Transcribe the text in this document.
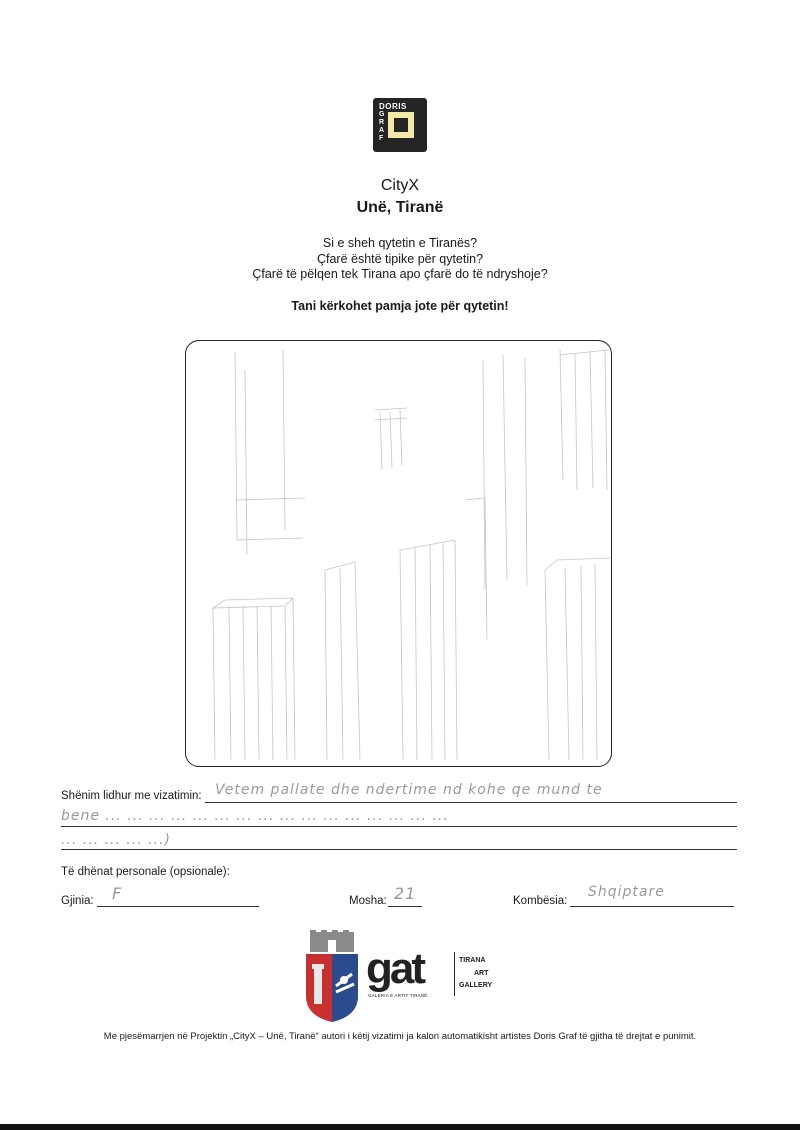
DORIS
G
R
A
F
CityX
Unë, Tiranë
Si e sheh qytetin e Tiranës?
Çfarë është tipike për qytetin?
Çfarë të pëlqen tek Tirana apo çfarë do të ndryshoje?
Tani kërkohet pamja jote për qytetin!
Shënim lidhur me vizatimin: Vetem pallate dhe ndertime nd kohe qe mund te
bene ... ... ... ... ... ... ... ... ... ... ... ... ... ... ... ...
... ... ... ... ...)
Të dhënat personale (opsionale):
Gjinia: F	Mosha: 21	Kombësia:
Shqiptare
gat
GALERIA E ARTIT TIRANË
TIRANA
ART
GALLERY
Me pjesëmarrjen në Projektin „CityX – Unë, Tiranë“ autori i këtij vizatimi ja kalon automatikisht artistes Doris Graf të gjitha të drejtat e punimit.
